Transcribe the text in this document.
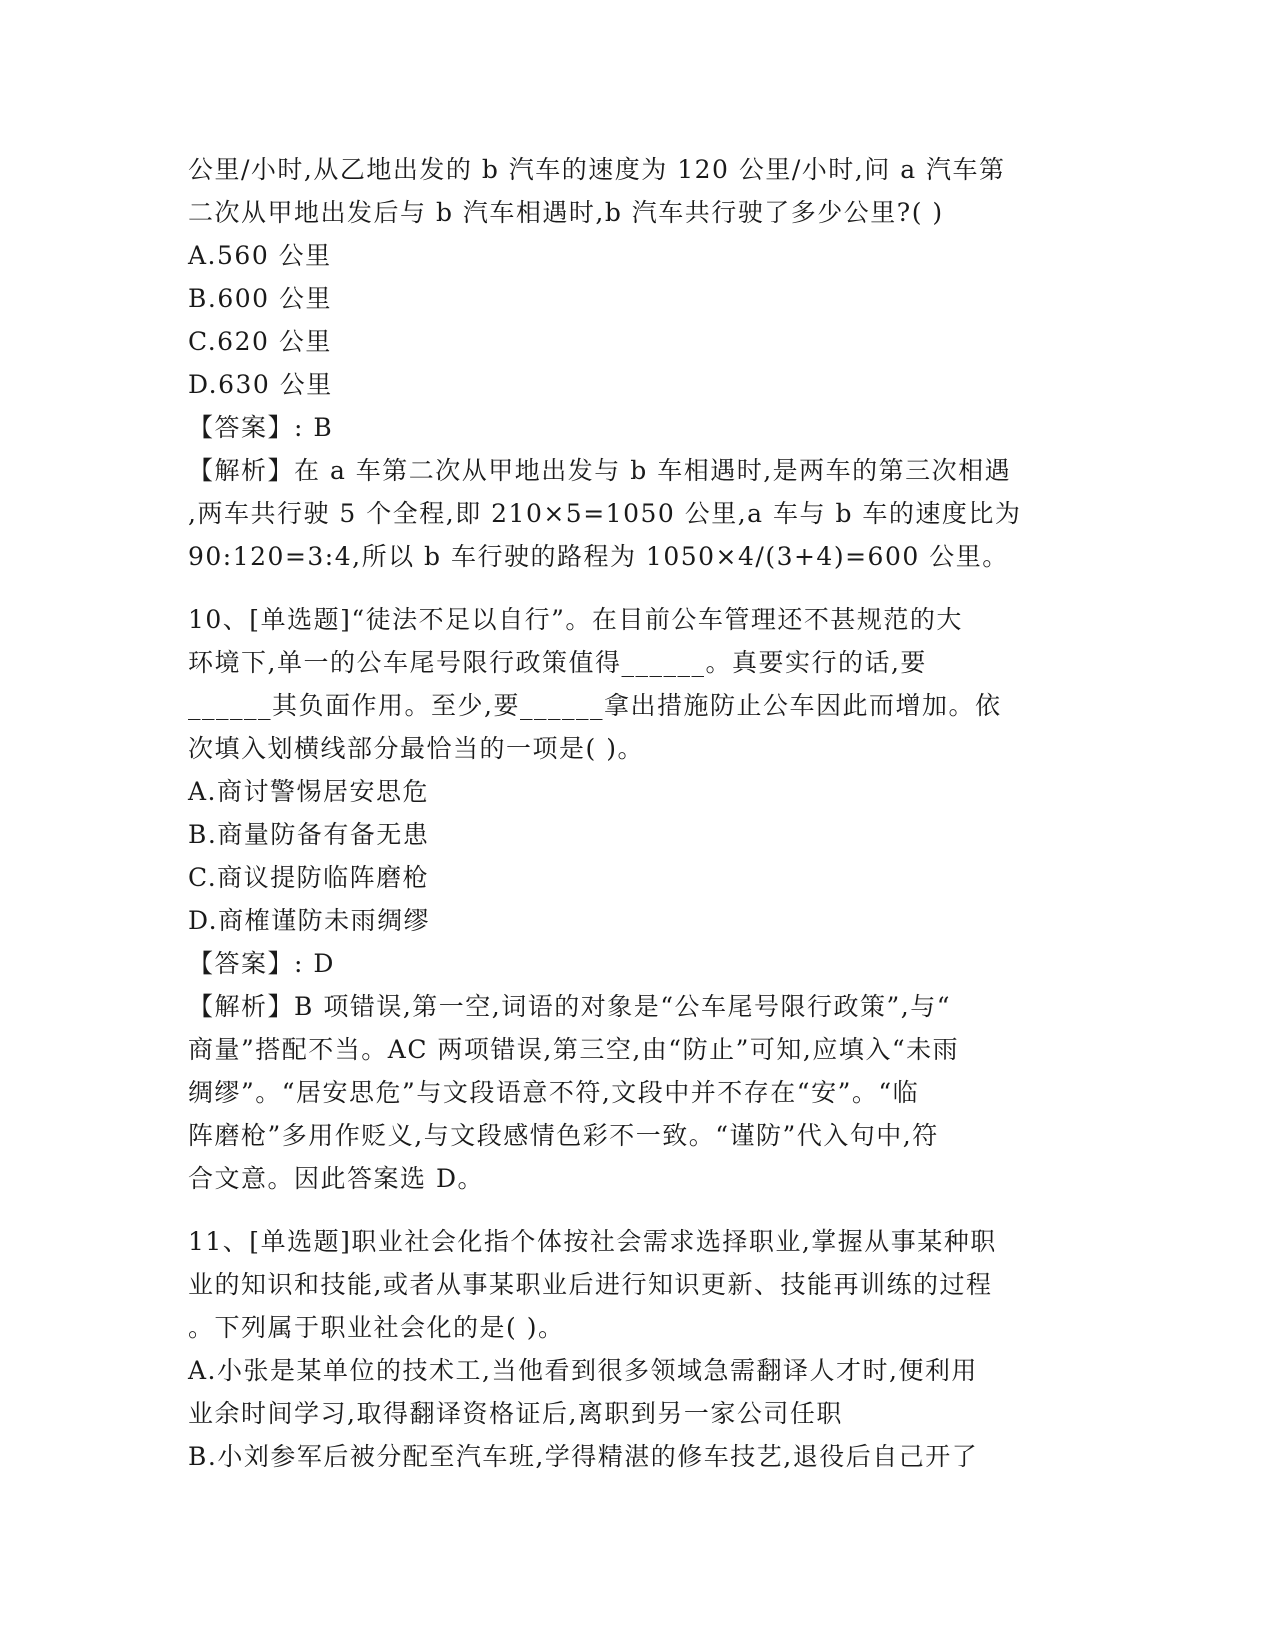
公里/小时,从乙地出发的 b 汽车的速度为 120 公里/小时,问 a 汽车第
二次从甲地出发后与 b 汽车相遇时,b 汽车共行驶了多少公里?( )
A.560 公里
B.600 公里
C.620 公里
D.630 公里
【答案】: B
【解析】在 a 车第二次从甲地出发与 b 车相遇时,是两车的第三次相遇
,两车共行驶 5 个全程,即 210×5=1050 公里,a 车与 b 车的速度比为
90:120=3:4,所以 b 车行驶的路程为 1050×4/(3+4)=600 公里。
10、[单选题]“徒法不足以自行”。在目前公车管理还不甚规范的大
环境下,单一的公车尾号限行政策值得______。真要实行的话,要
______其负面作用。至少,要______拿出措施防止公车因此而增加。依
次填入划横线部分最恰当的一项是( )。
A.商讨警惕居安思危
B.商量防备有备无患
C.商议提防临阵磨枪
D.商榷谨防未雨绸缪
【答案】: D
【解析】B 项错误,第一空,词语的对象是“公车尾号限行政策”,与“
商量”搭配不当。AC 两项错误,第三空,由“防止”可知,应填入“未雨
绸缪”。“居安思危”与文段语意不符,文段中并不存在“安”。“临
阵磨枪”多用作贬义,与文段感情色彩不一致。“谨防”代入句中,符
合文意。因此答案选 D。
11、[单选题]职业社会化指个体按社会需求选择职业,掌握从事某种职
业的知识和技能,或者从事某职业后进行知识更新、技能再训练的过程
。下列属于职业社会化的是( )。
A.小张是某单位的技术工,当他看到很多领域急需翻译人才时,便利用
业余时间学习,取得翻译资格证后,离职到另一家公司任职
B.小刘参军后被分配至汽车班,学得精湛的修车技艺,退役后自己开了
